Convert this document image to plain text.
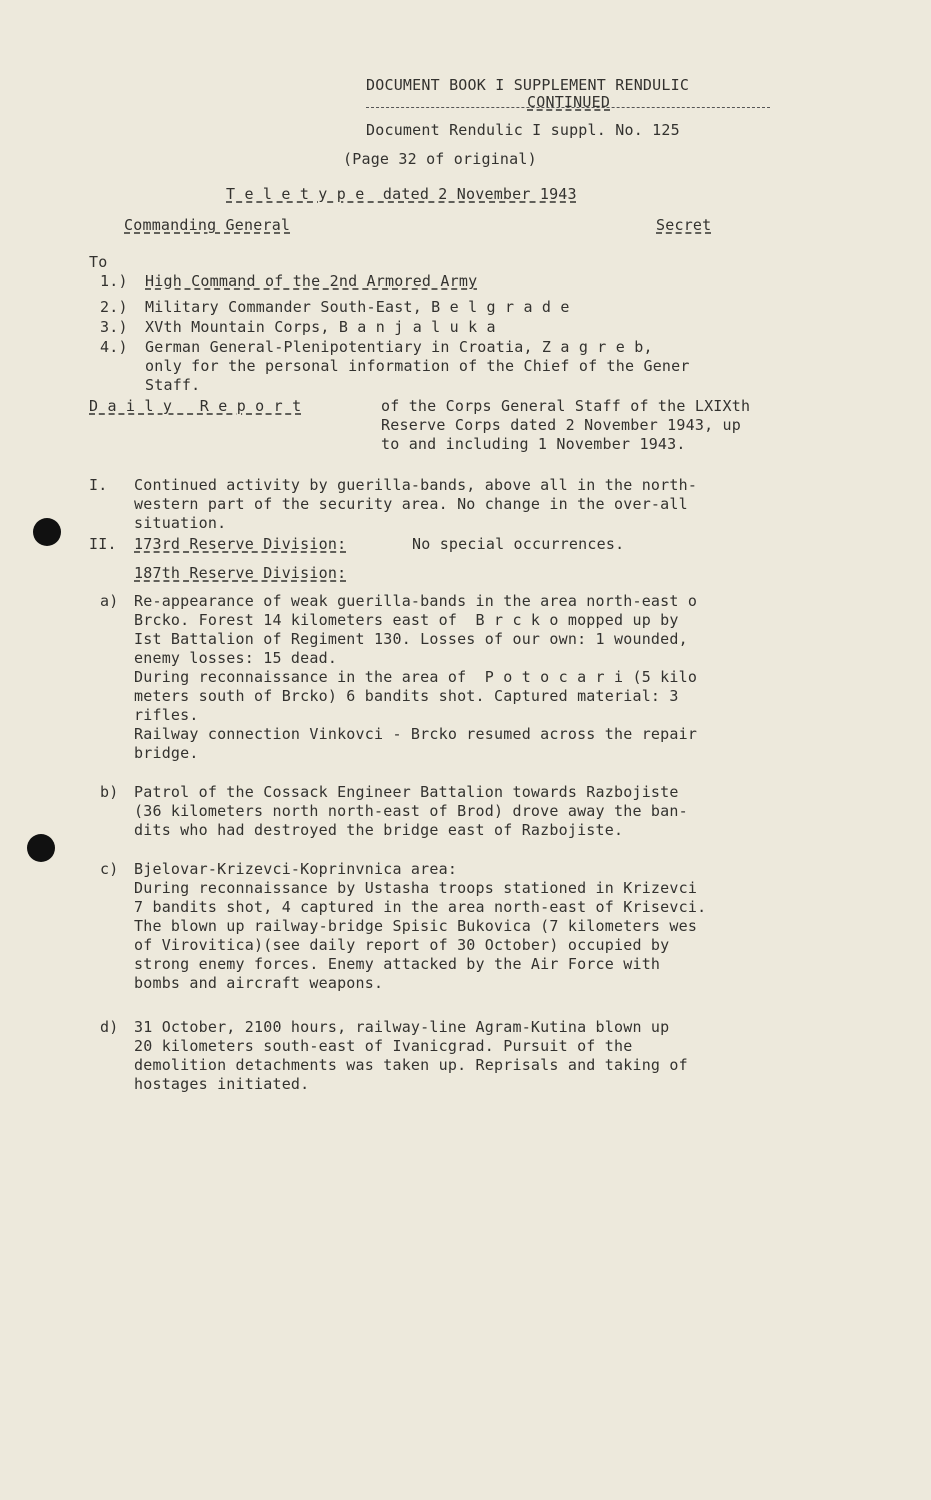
DOCUMENT BOOK I SUPPLEMENT RENDULIC
CONTINUED
Document Rendulic I suppl. No. 125
(Page 32 of original)
T e l e t y p e  dated 2 November 1943
Commanding General	Secret
To
1.) High Command of the 2nd Armored Army
2.) Military Commander South-East, B e l g r a d e
3.) XVth Mountain Corps, B a n j a l u k a
4.) German General-Plenipotentiary in Croatia, Z a g r e b,
only for the personal information of the Chief of the Gener
Staff.
D a i l y   R e p o r t	of the Corps General Staff of the LXIXth
Reserve Corps dated 2 November 1943, up
to and including 1 November 1943.
I. Continued activity by guerilla-bands, above all in the north-
western part of the security area. No change in the over-all
situation.
II. 173rd Reserve Division:	No special occurrences.
187th Reserve Division:
a) Re-appearance of weak guerilla-bands in the area north-east o
Brcko. Forest 14 kilometers east of  B r c k o mopped up by
Ist Battalion of Regiment 130. Losses of our own: 1 wounded,
enemy losses: 15 dead.
During reconnaissance in the area of  P o t o c a r i (5 kilo
meters south of Brcko) 6 bandits shot. Captured material: 3
rifles.
Railway connection Vinkovci - Brcko resumed across the repair
bridge.
b) Patrol of the Cossack Engineer Battalion towards Razbojiste
(36 kilometers north north-east of Brod) drove away the ban-
dits who had destroyed the bridge east of Razbojiste.
c) Bjelovar-Krizevci-Koprinvnica area:
During reconnaissance by Ustasha troops stationed in Krizevci
7 bandits shot, 4 captured in the area north-east of Krisevci.
The blown up railway-bridge Spisic Bukovica (7 kilometers wes
of Virovitica)(see daily report of 30 October) occupied by
strong enemy forces. Enemy attacked by the Air Force with
bombs and aircraft weapons.
d) 31 October, 2100 hours, railway-line Agram-Kutina blown up
20 kilometers south-east of Ivanicgrad. Pursuit of the
demolition detachments was taken up. Reprisals and taking of
hostages initiated.
